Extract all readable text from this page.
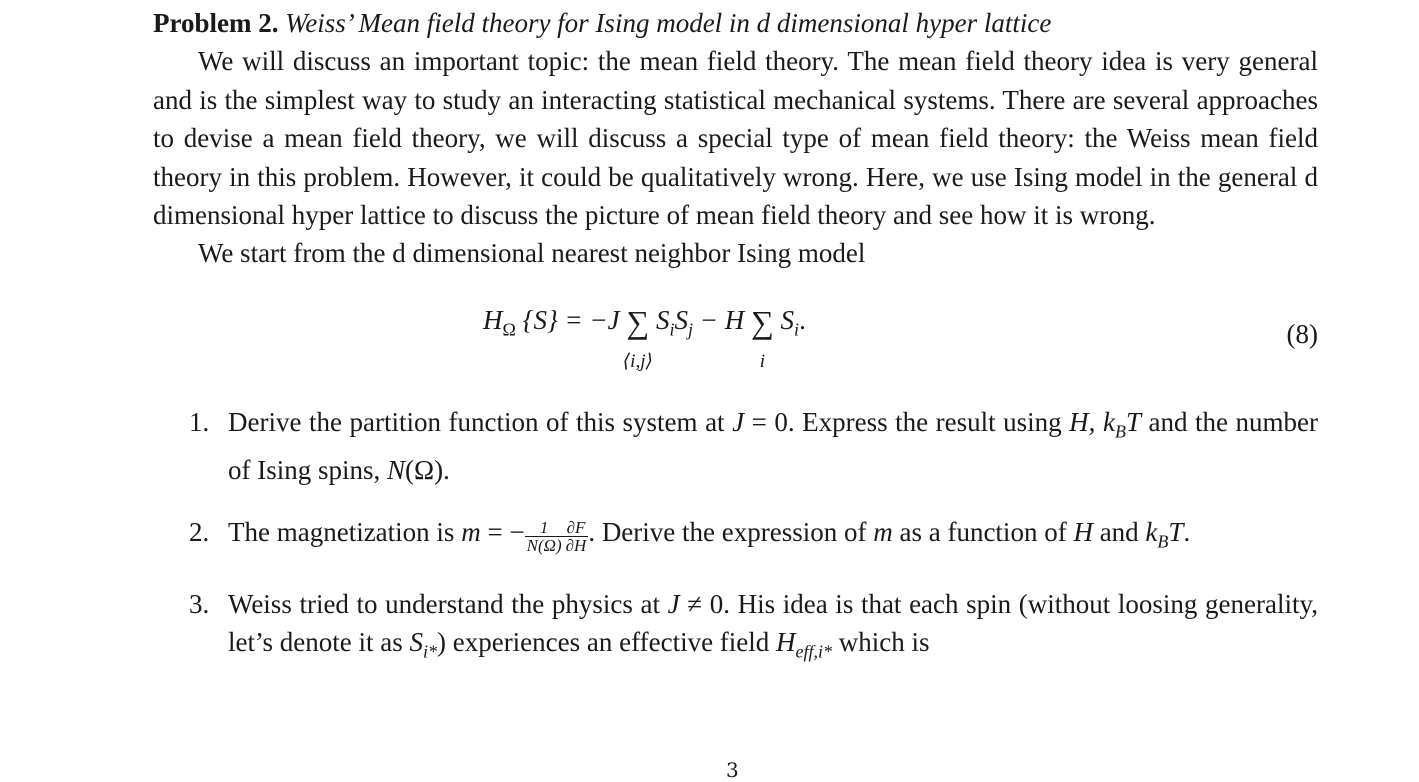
Problem 2. Weiss’ Mean field theory for Ising model in d dimensional hyper lattice

We will discuss an important topic: the mean field theory. The mean field theory idea is very general and is the simplest way to study an interacting statistical mechanical systems. There are several approaches to devise a mean field theory, we will discuss a special type of mean field theory: the Weiss mean field theory in this problem. However, it could be qualitatively wrong. Here, we use Ising model in the general d dimensional hyper lattice to discuss the picture of mean field theory and see how it is wrong.

We start from the d dimensional nearest neighbor Ising model

$H_\Omega$ {S} = −J ∑
⟨i,j⟩
$S_iS_j - H$ ∑
i
$S_i$.	(8)
1. Derive the partition function of this system at J = 0. Express the result using H, $k_BT$ and the number of Ising spins, N(Ω).
2. The magnetization is m = − $\frac{1}{N(\Omega)} \frac{\partial F}{\partial H}$ . Derive the expression of m as a function of H and $k_BT$.
3. Weiss tried to understand the physics at J ≠ 0. His idea is that each spin (without loosing generality, let’s denote it as $S_{i*}$) experiences an effective field $H_{eff,i*}$ which is
3
